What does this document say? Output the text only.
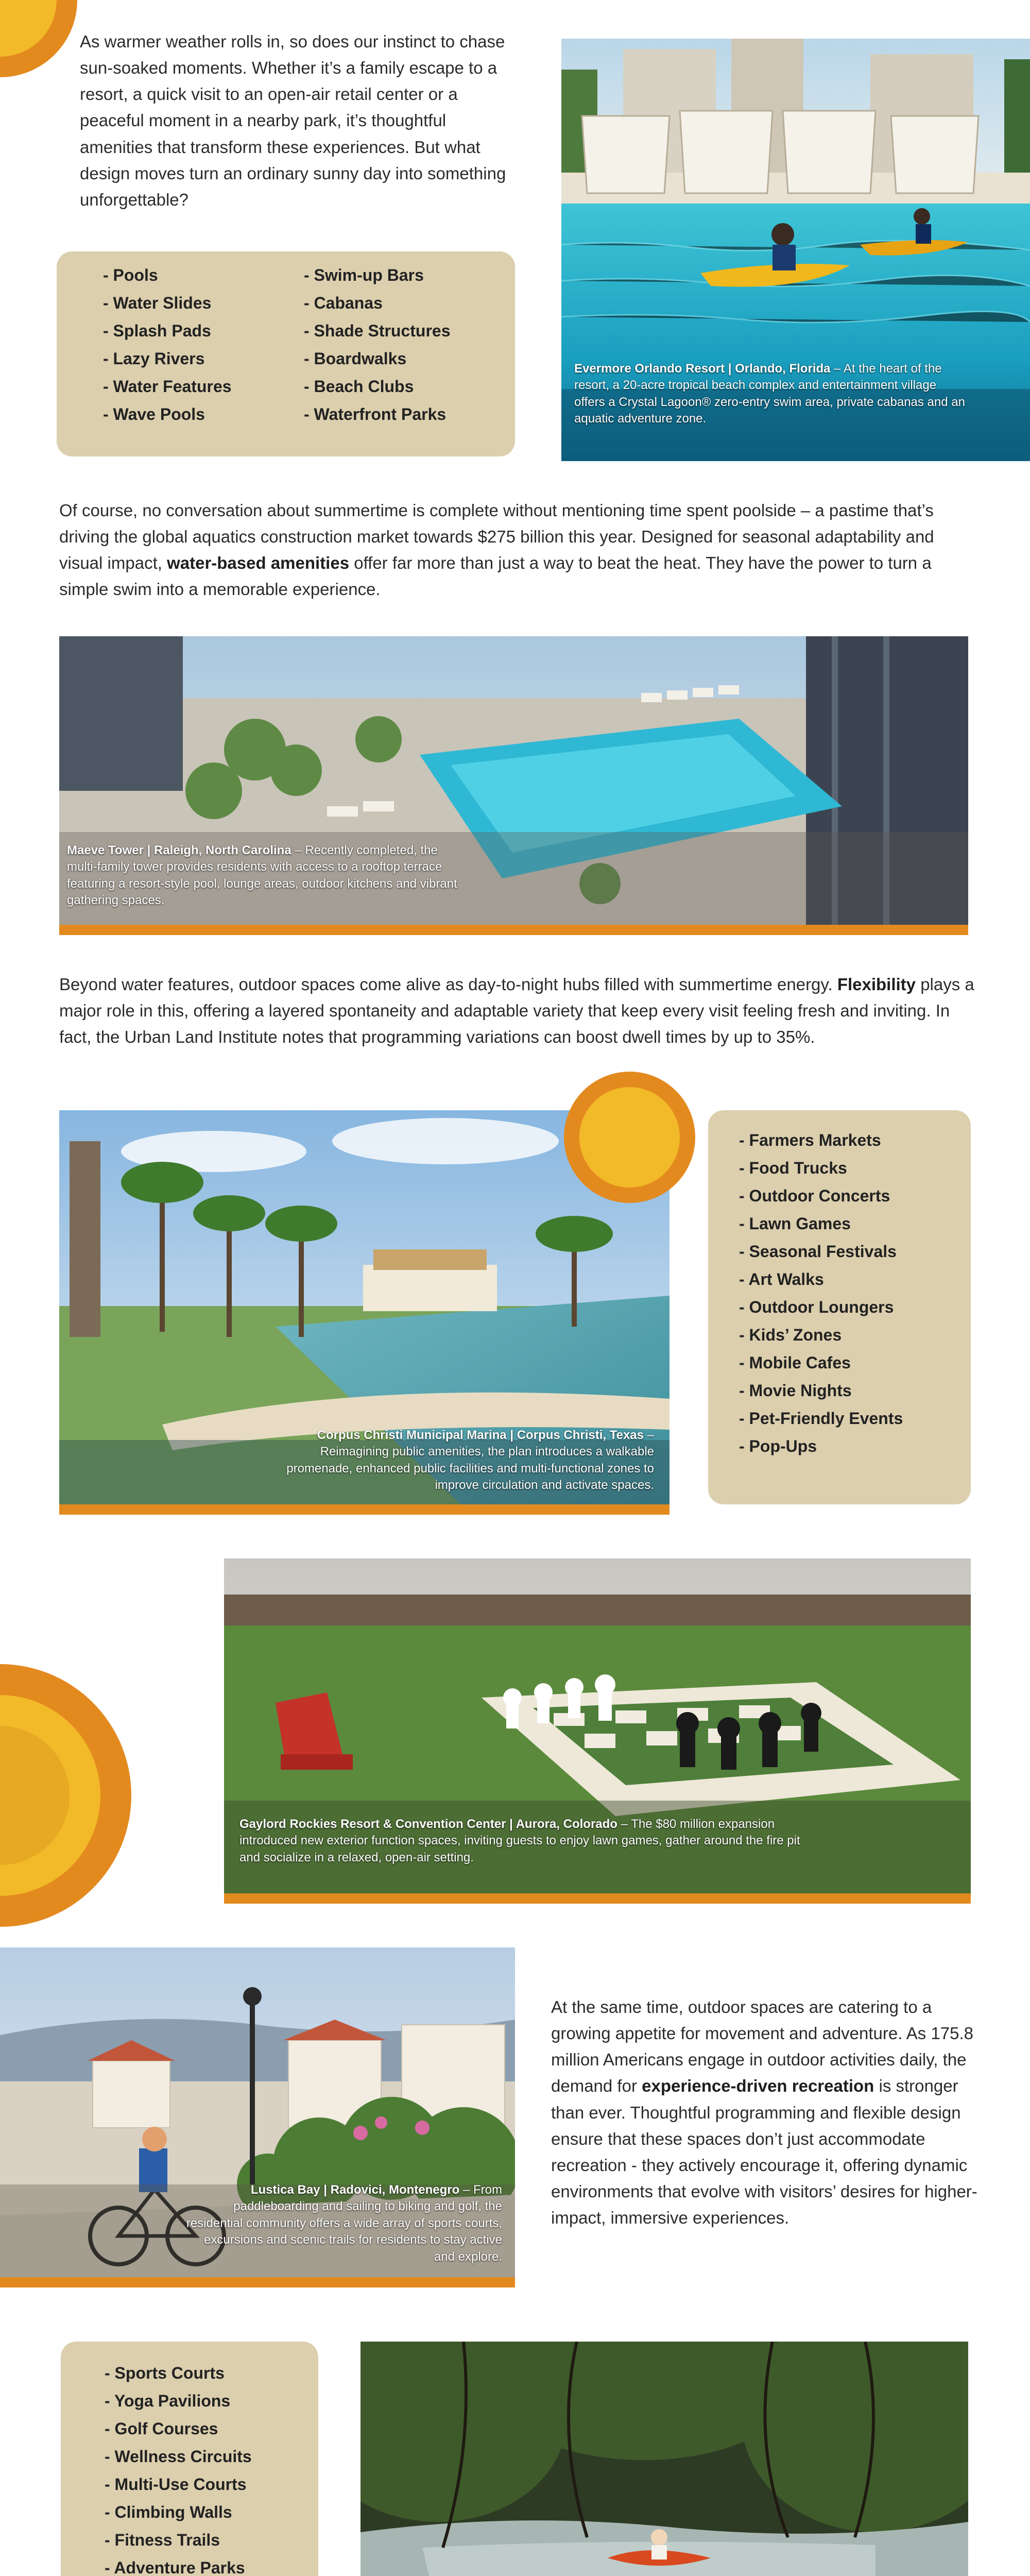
As warmer weather rolls in, so does our instinct to chase sun-soaked moments. Whether it’s a family escape to a resort, a quick visit to an open-air retail center or a peaceful moment in a nearby park, it’s thoughtful amenities that transform these experiences. But what design moves turn an ordinary sunny day into something unforgettable?

Evermore Orlando Resort | Orlando, Florida – At the heart of the resort, a 20-acre tropical beach complex and entertainment village offers a Crystal Lagoon® zero-entry swim area, private cabanas and an aquatic adventure zone.
- Pools
- Water Slides
- Splash Pads
- Lazy Rivers
- Water Features
- Wave Pools
- Swim-up Bars
- Cabanas
- Shade Structures
- Boardwalks
- Beach Clubs
- Waterfront Parks

Of course, no conversation about summertime is complete without mentioning time spent poolside – a pastime that’s driving the global aquatics construction market towards $275 billion this year. Designed for seasonal adaptability and visual impact, water-based amenities offer far more than just a way to beat the heat. They have the power to turn a simple swim into a memorable experience.

Maeve Tower | Raleigh, North Carolina – Recently completed, the multi-family tower provides residents with access to a rooftop terrace featuring a resort-style pool, lounge areas, outdoor kitchens and vibrant gathering spaces.

Beyond water features, outdoor spaces come alive as day-to-night hubs filled with summertime energy. Flexibility plays a major role in this, offering a layered spontaneity and adaptable variety that keep every visit feeling fresh and inviting. In fact, the Urban Land Institute notes that programming variations can boost dwell times by up to 35%.

Corpus Christi Municipal Marina | Corpus Christi, Texas – Reimagining public amenities, the plan introduces a walkable promenade, enhanced public facilities and multi-functional zones to improve circulation and activate spaces.
- Farmers Markets
- Food Trucks
- Outdoor Concerts
- Lawn Games
- Seasonal Festivals
- Art Walks
- Outdoor Loungers
- Kids’ Zones
- Mobile Cafes
- Movie Nights
- Pet-Friendly Events
- Pop-Ups
Gaylord Rockies Resort & Convention Center | Aurora, Colorado – The $80 million expansion introduced new exterior function spaces, inviting guests to enjoy lawn games, gather around the fire pit and socialize in a relaxed, open-air setting.
Lustica Bay | Radovici, Montenegro – From paddleboarding and sailing to biking and golf, the residential community offers a wide array of sports courts, excursions and scenic trails for residents to stay active and explore.

At the same time, outdoor spaces are catering to a growing appetite for movement and adventure. As 175.8 million Americans engage in outdoor activities daily, the demand for experience-driven recreation is stronger than ever. Thoughtful programming and flexible design ensure that these spaces don’t just accommodate recreation - they actively encourage it, offering dynamic environments that evolve with visitors’ desires for higher-impact, immersive experiences.

- Sports Courts
- Yoga Pavilions
- Golf Courses
- Wellness Circuits
- Multi-Use Courts
- Climbing Walls
- Fitness Trails
- Adventure Parks
